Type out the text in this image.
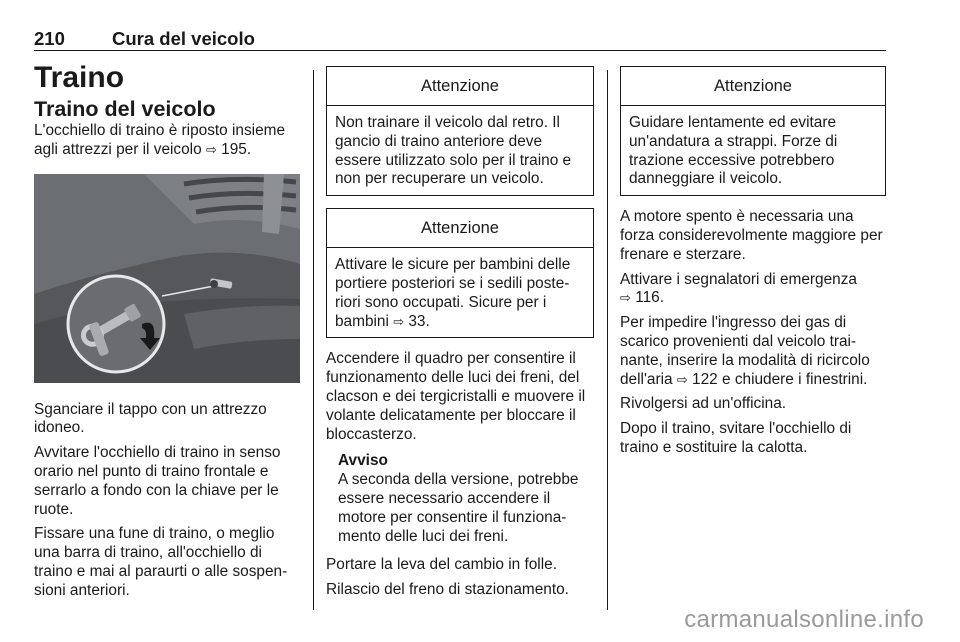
210	Cura del veicolo
Traino
Traino del veicolo

L'occhiello di traino è riposto insieme agli attrezzi per il veicolo ⇨ 195.

Sganciare il tappo con un attrezzo idoneo.

Avvitare l'occhiello di traino in senso orario nel punto di traino frontale e serrarlo a fondo con la chiave per le ruote.

Fissare una fune di traino, o meglio una barra di traino, all'occhiello di traino e mai al paraurti o alle sospen- sioni anteriori.

Attenzione
Non trainare il veicolo dal retro. Il gancio di traino anteriore deve essere utilizzato solo per il traino e non per recuperare un veicolo.
Attenzione
Attivare le sicure per bambini delle portiere posteriori se i sedili poste- riori sono occupati. Sicure per i bambini ⇨ 33.

Accendere il quadro per consentire il funzionamento delle luci dei freni, del clacson e dei tergicristalli e muovere il volante delicatamente per bloccare il bloccasterzo.

Avviso
A seconda della versione, potrebbe essere necessario accendere il motore per consentire il funziona- mento delle luci dei freni.

Portare la leva del cambio in folle.

Rilascio del freno di stazionamento.

Attenzione
Guidare lentamente ed evitare un'andatura a strappi. Forze di trazione eccessive potrebbero danneggiare il veicolo.

A motore spento è necessaria una forza considerevolmente maggiore per frenare e sterzare.

Attivare i segnalatori di emergenza
⇨ 116.

Per impedire l'ingresso dei gas di scarico provenienti dal veicolo trai- nante, inserire la modalità di ricircolo dell'aria ⇨ 122 e chiudere i finestrini.

Rivolgersi ad un'officina.

Dopo il traino, svitare l'occhiello di traino e sostituire la calotta.

carmanualsonline.info
